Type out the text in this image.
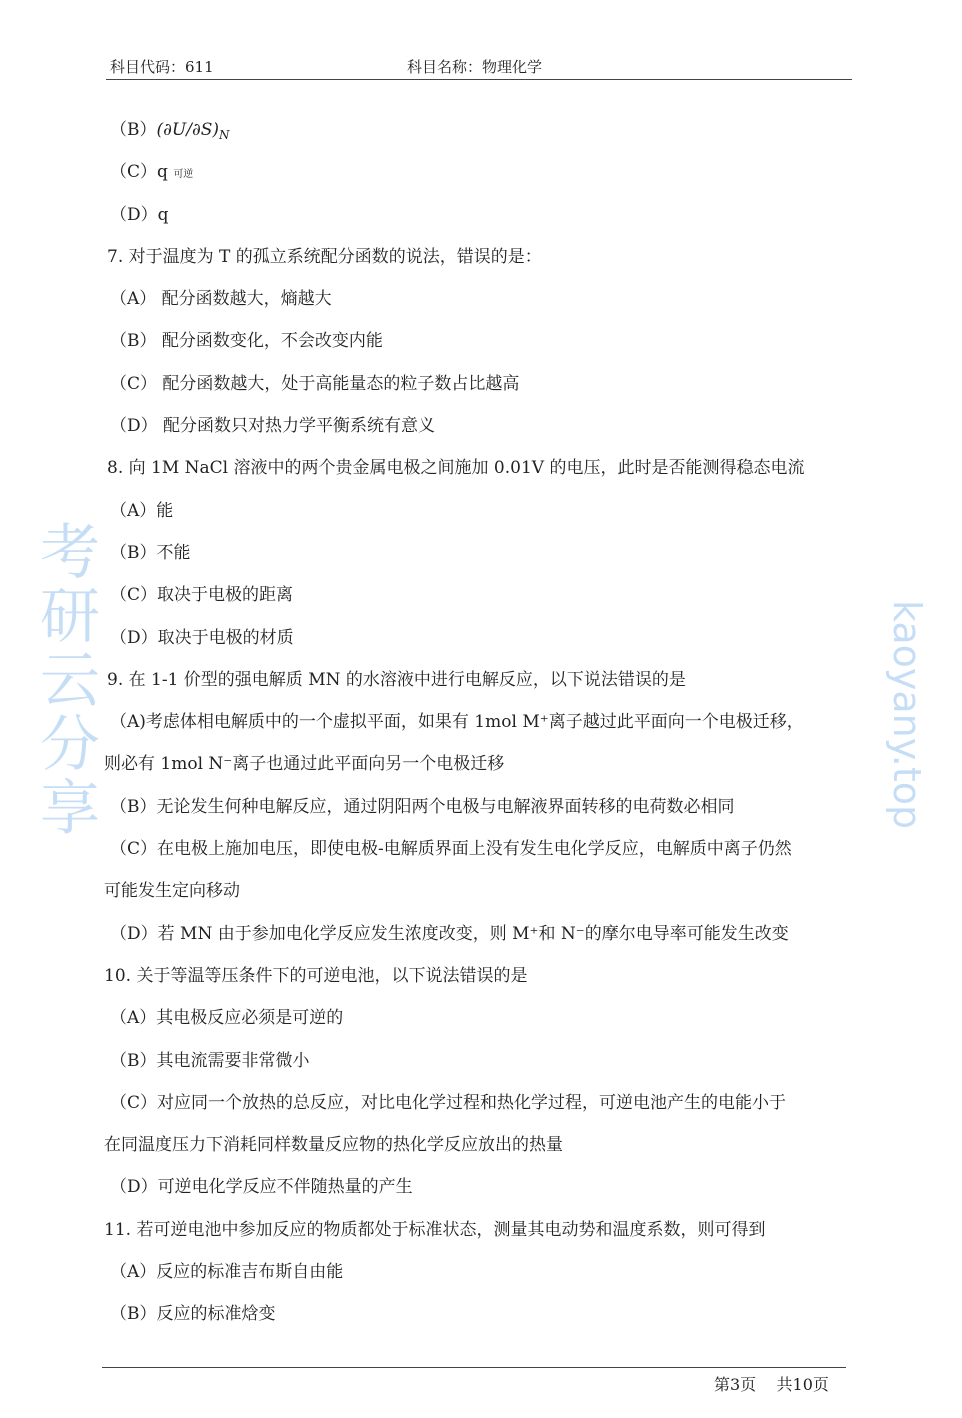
科目代码：611	科目名称：物理化学
考研云分享	kaoyany.top
$(B)(\partial U/\partial S)_N$
（C）q 可逆
（D）q
7. 对于温度为 T 的孤立系统配分函数的说法，错误的是：
（A） 配分函数越大，熵越大
（B） 配分函数变化，不会改变内能
（C） 配分函数越大，处于高能量态的粒子数占比越高
（D） 配分函数只对热力学平衡系统有意义
8. 向 1M NaCl 溶液中的两个贵金属电极之间施加 0.01V 的电压，此时是否能测得稳态电流
（A）能
（B）不能
（C）取决于电极的距离
（D）取决于电极的材质
9. 在 1-1 价型的强电解质 MN 的水溶液中进行电解反应，以下说法错误的是
（A)考虑体相电解质中的一个虚拟平面，如果有 1mol M⁺离子越过此平面向一个电极迁移，
则必有 1mol N⁻离子也通过此平面向另一个电极迁移
（B）无论发生何种电解反应，通过阴阳两个电极与电解液界面转移的电荷数必相同
（C）在电极上施加电压，即使电极-电解质界面上没有发生电化学反应，电解质中离子仍然
可能发生定向移动
（D）若 MN 由于参加电化学反应发生浓度改变，则 M⁺和 N⁻的摩尔电导率可能发生改变
10. 关于等温等压条件下的可逆电池，以下说法错误的是
（A）其电极反应必须是可逆的
（B）其电流需要非常微小
（C）对应同一个放热的总反应，对比电化学过程和热化学过程，可逆电池产生的电能小于
在同温度压力下消耗同样数量反应物的热化学反应放出的热量
（D）可逆电化学反应不伴随热量的产生
11. 若可逆电池中参加反应的物质都处于标准状态，测量其电动势和温度系数，则可得到
（A）反应的标准吉布斯自由能
（B）反应的标准焓变
第3页 共10页
